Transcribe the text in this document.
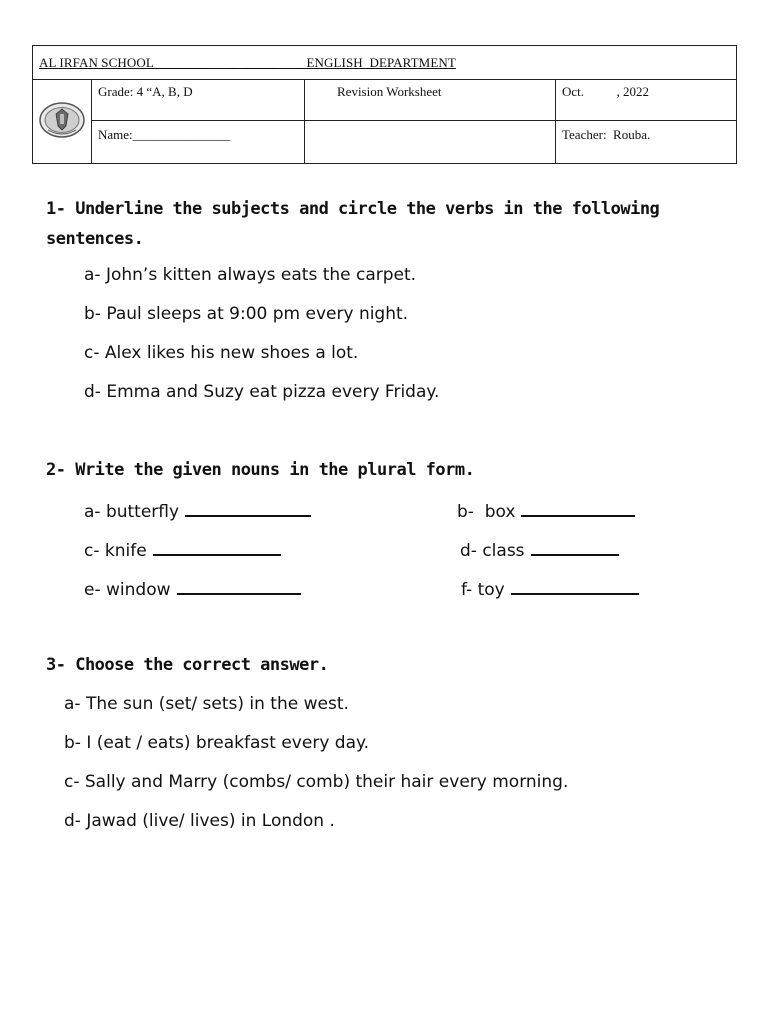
AL IRFAN SCHOOL________       _  _____      _ ENGLISH  DEPARTMENT			
	Grade: 4 “A, B, D	Revision Worksheet	Oct.          , 2022
	Name:_______________		Teacher:  Rouba.
1- Underline the subjects and circle the verbs in the following sentences.
a- John’s kitten always eats the carpet.
b- Paul sleeps at 9:00 pm every night.
c- Alex likes his new shoes a lot.
d- Emma and Suzy eat pizza every Friday.
2- Write the given nouns in the plural form.
a- butterfly	b-  box
c- knife	d- class
e- window	f- toy
3- Choose the correct answer.
a- The sun (set/ sets) in the west.
b- I (eat / eats) breakfast every day.
c- Sally and Marry (combs/ comb) their hair every morning.
d- Jawad (live/ lives) in London .
